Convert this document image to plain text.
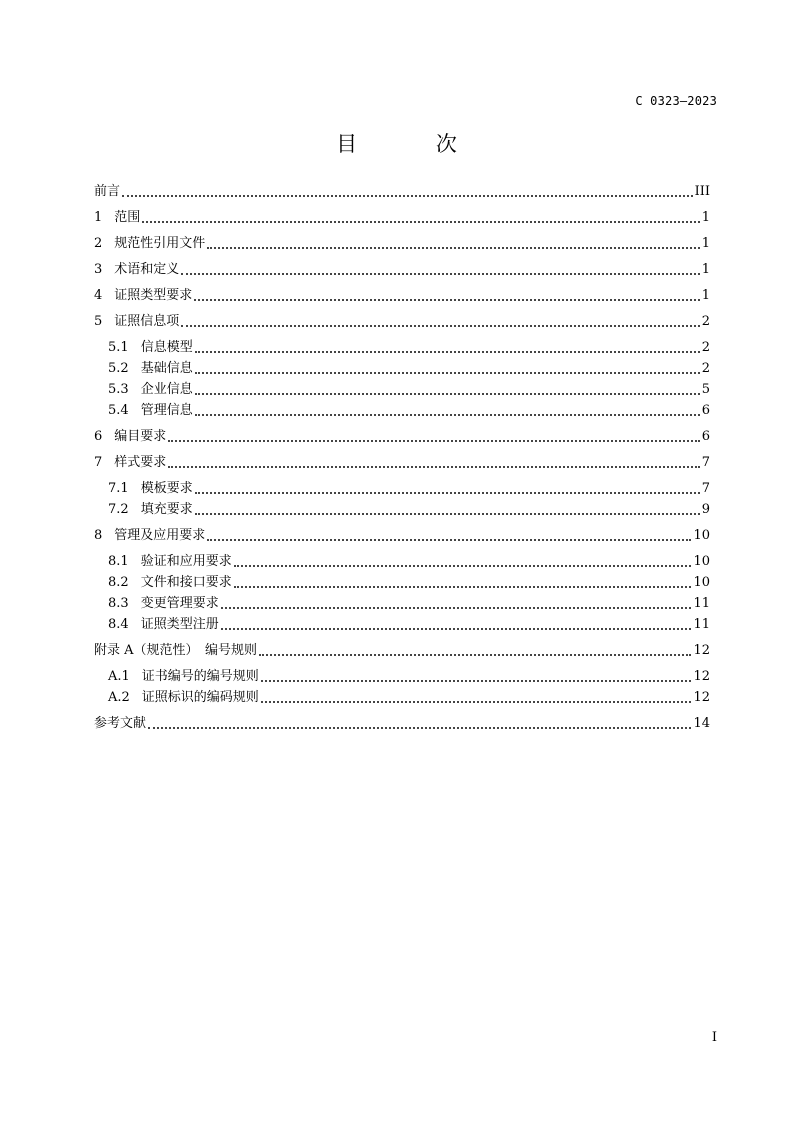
C 0323—2023
目 次
前言	III
1 范围	1
2 规范性引用文件	1
3 术语和定义	1
4 证照类型要求	1
5 证照信息项	2
5.1 信息模型	2
5.2 基础信息	2
5.3 企业信息	5
5.4 管理信息	6
6 编目要求	6
7 样式要求	7
7.1 模板要求	7
7.2 填充要求	9
8 管理及应用要求	10
8.1 验证和应用要求	10
8.2 文件和接口要求	10
8.3 变更管理要求	11
8.4 证照类型注册	11
附录 A（规范性）　编号规则	12
A.1 证书编号的编号规则	12
A.2 证照标识的编码规则	12
参考文献	14
I
